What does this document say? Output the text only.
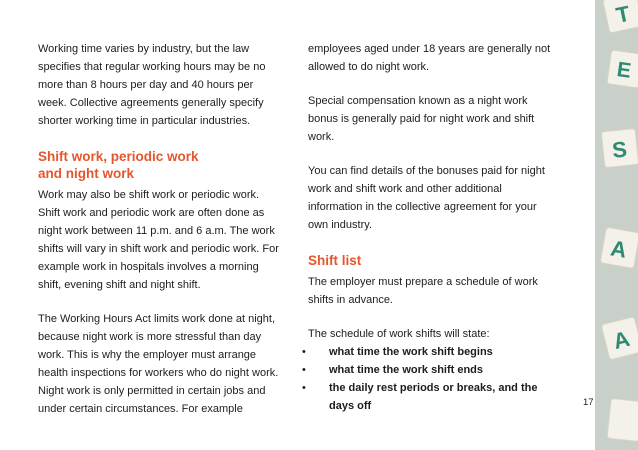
Working time varies by industry, but the law specifies that regular working hours may be no more than 8 hours per day and 40 hours per week. Collective agreements generally specify shorter working time in particular industries.

Shift work, periodic work
and night work

Work may also be shift work or periodic work. Shift work and periodic work are often done as night work between 11 p.m. and 6 a.m. The work shifts will vary in shift work and periodic work. For example work in hospitals involves a morning shift, evening shift and night shift.

The Working Hours Act limits work done at night, because night work is more stressful than day work. This is why the employer must arrange health inspections for workers who do night work. Night work is only permitted in certain jobs and under certain circumstances. For example

employees aged under 18 years are generally not allowed to do night work.

Special compensation known as a night work bonus is generally paid for night work and shift work.

You can find details of the bonuses paid for night work and shift work and other additional information in the collective agreement for your own industry.

Shift list

The employer must prepare a schedule of work shifts in advance.

The schedule of work shifts will state:

• what time the work shift begins
• what time the work shift ends
• the daily rest periods or breaks, and the days off	17
T
E
S
A
A
